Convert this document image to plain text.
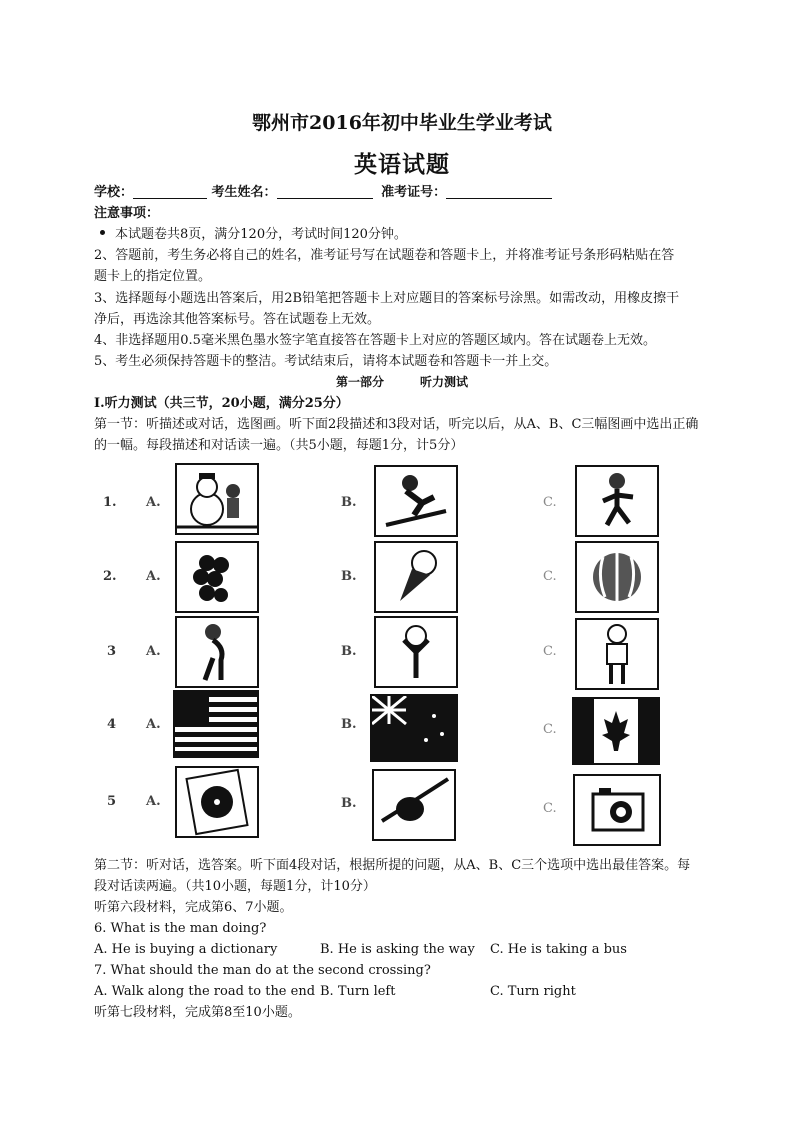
鄂州市2016年初中毕业生学业考试
英语试题
学校：	考生姓名：	准考证号：
注意事项：
本试题卷共8页，满分120分，考试时间120分钟。
2、答题前，考生务必将自己的姓名，准考证号写在试题卷和答题卡上，并将准考证号条形码粘贴在答
题卡上的指定位置。
3、选择题每小题选出答案后，用2B铅笔把答题卡上对应题目的答案标号涂黑。如需改动，用橡皮擦干
净后，再选涂其他答案标号。答在试题卷上无效。
4、非选择题用0.5毫米黑色墨水签字笔直接答在答题卡上对应的答题区域内。答在试题卷上无效。
5、考生必须保持答题卡的整洁。考试结束后，请将本试题卷和答题卡一并上交。
第一部分　　　听力测试
Ⅰ.听力测试（共三节，20小题，满分25分）
第一节：听描述或对话，选图画。听下面2段描述和3段对话，听完以后，从A、B、C三幅图画中选出正确
的一幅。每段描述和对话读一遍。（共5小题，每题1分，计5分）
第二节：听对话，选答案。听下面4段对话，根据所提的问题，从A、B、C三个选项中选出最佳答案。每
段对话读两遍。（共10小题，每题1分，计10分）
听第六段材料，完成第6、7小题。
6. What is the man doing?
A. He is buying a dictionary	B. He is asking the way C. He is taking a bus
7. What should the man do at the second crossing?
A. Walk along the road to the end B. Turn left	C. Turn right
听第七段材料，完成第8至10小题。
1. A.	B.	C.
2. A.	B.	C.
3 A.	B.	C.
4 A.	B.	C.
5 A.	B.	C.
